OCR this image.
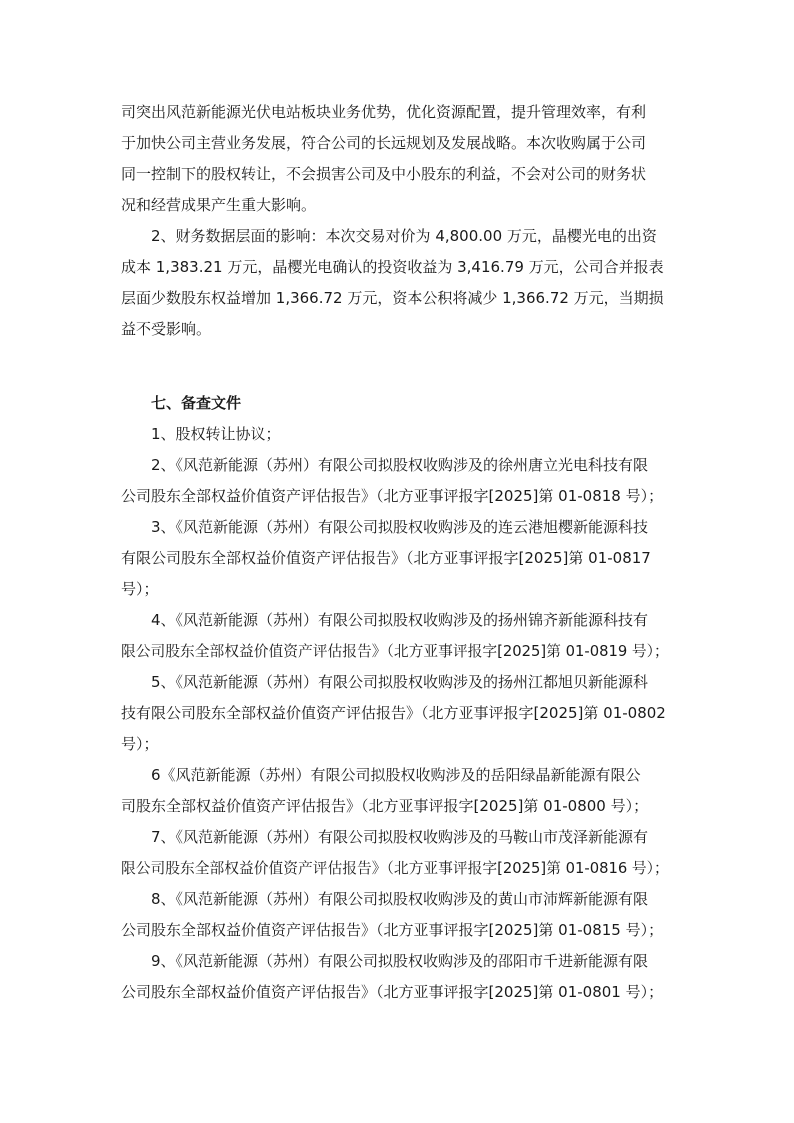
司突出风范新能源光伏电站板块业务优势，优化资源配置，提升管理效率，有利
于加快公司主营业务发展，符合公司的长远规划及发展战略。本次收购属于公司
同一控制下的股权转让，不会损害公司及中小股东的利益，不会对公司的财务状
况和经营成果产生重大影响。
2、财务数据层面的影响：本次交易对价为 4,800.00 万元，晶樱光电的出资
成本 1,383.21 万元，晶樱光电确认的投资收益为 3,416.79 万元，公司合并报表
层面少数股东权益增加 1,366.72 万元，资本公积将减少 1,366.72 万元，当期损
益不受影响。
七、备查文件
1、股权转让协议；
2、《风范新能源（苏州）有限公司拟股权收购涉及的徐州唐立光电科技有限
公司股东全部权益价值资产评估报告》（北方亚事评报字[2025]第 01-0818 号）；
3、《风范新能源（苏州）有限公司拟股权收购涉及的连云港旭樱新能源科技
有限公司股东全部权益价值资产评估报告》（北方亚事评报字[2025]第 01-0817
号）；
4、《风范新能源（苏州）有限公司拟股权收购涉及的扬州锦齐新能源科技有
限公司股东全部权益价值资产评估报告》（北方亚事评报字[2025]第 01-0819 号）；
5、《风范新能源（苏州）有限公司拟股权收购涉及的扬州江都旭贝新能源科
技有限公司股东全部权益价值资产评估报告》（北方亚事评报字[2025]第 01-0802
号）；
6《风范新能源（苏州）有限公司拟股权收购涉及的岳阳绿晶新能源有限公
司股东全部权益价值资产评估报告》（北方亚事评报字[2025]第 01-0800 号）；
7、《风范新能源（苏州）有限公司拟股权收购涉及的马鞍山市茂泽新能源有
限公司股东全部权益价值资产评估报告》（北方亚事评报字[2025]第 01-0816 号）；
8、《风范新能源（苏州）有限公司拟股权收购涉及的黄山市沛辉新能源有限
公司股东全部权益价值资产评估报告》（北方亚事评报字[2025]第 01-0815 号）；
9、《风范新能源（苏州）有限公司拟股权收购涉及的邵阳市千进新能源有限
公司股东全部权益价值资产评估报告》（北方亚事评报字[2025]第 01-0801 号）；
